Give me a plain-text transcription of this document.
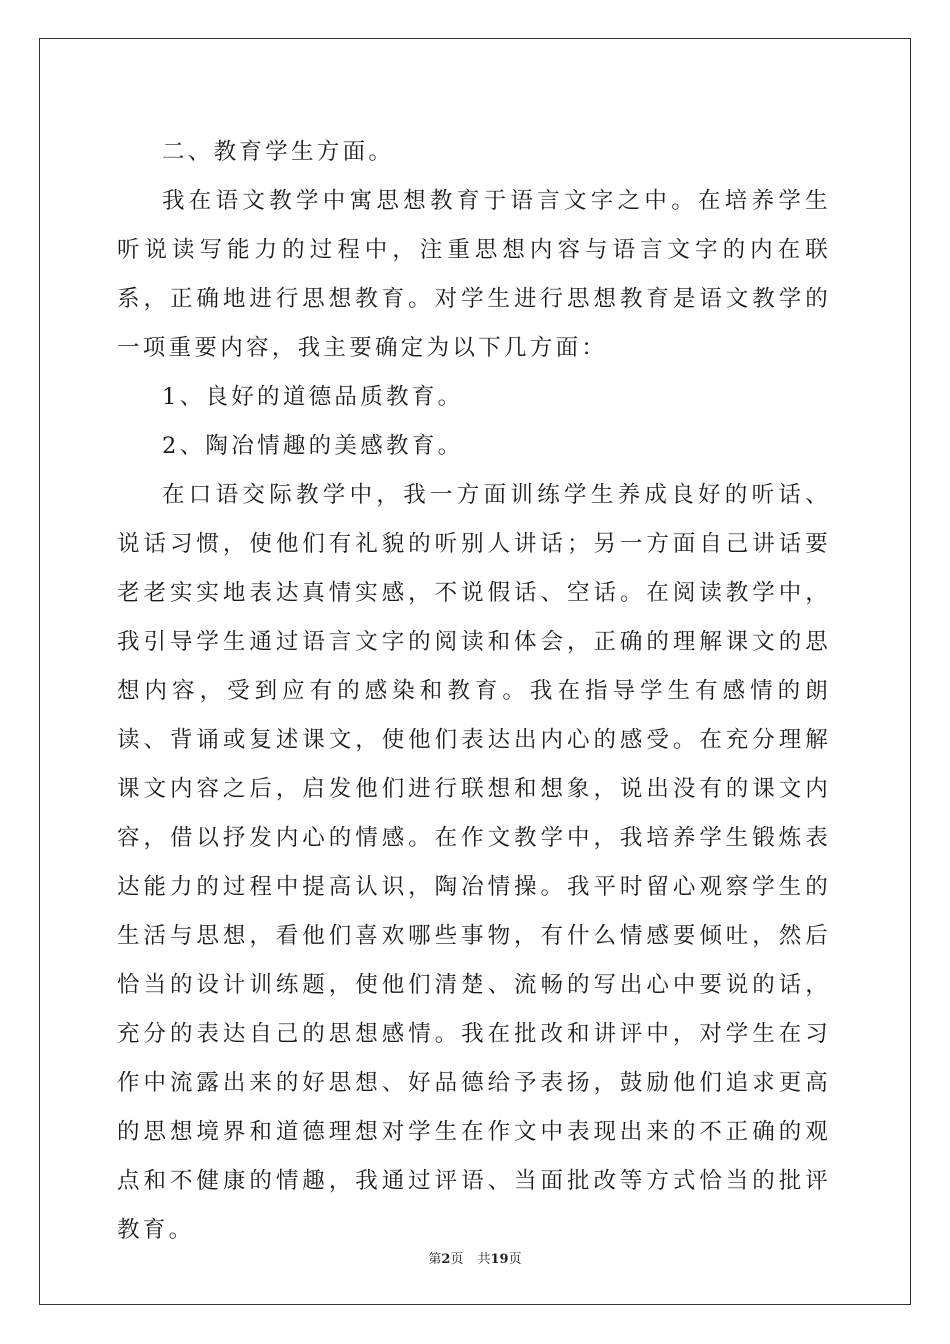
二、教育学生方面。

我在语文教学中寓思想教育于语言文字之中。在培养学生听说读写能力的过程中，注重思想内容与语言文字的内在联系，正确地进行思想教育。对学生进行思想教育是语文教学的一项重要内容，我主要确定为以下几方面：

1、良好的道德品质教育。

2、陶冶情趣的美感教育。

在口语交际教学中，我一方面训练学生养成良好的听话、说话习惯，使他们有礼貌的听别人讲话；另一方面自己讲话要老老实实地表达真情实感，不说假话、空话。在阅读教学中，我引导学生通过语言文字的阅读和体会，正确的理解课文的思想内容，受到应有的感染和教育。我在指导学生有感情的朗读、背诵或复述课文，使他们表达出内心的感受。在充分理解课文内容之后，启发他们进行联想和想象，说出没有的课文内容，借以抒发内心的情感。在作文教学中，我培养学生锻炼表达能力的过程中提高认识，陶冶情操。我平时留心观察学生的生活与思想，看他们喜欢哪些事物，有什么情感要倾吐，然后恰当的设计训练题，使他们清楚、流畅的写出心中要说的话，充分的表达自己的思想感情。我在批改和讲评中，对学生在习作中流露出来的好思想、好品德给予表扬，鼓励他们追求更高的思想境界和道德理想对学生在作文中表现出来的不正确的观点和不健康的情趣，我通过评语、当面批改等方式恰当的批评教育。

第2页 共19页
